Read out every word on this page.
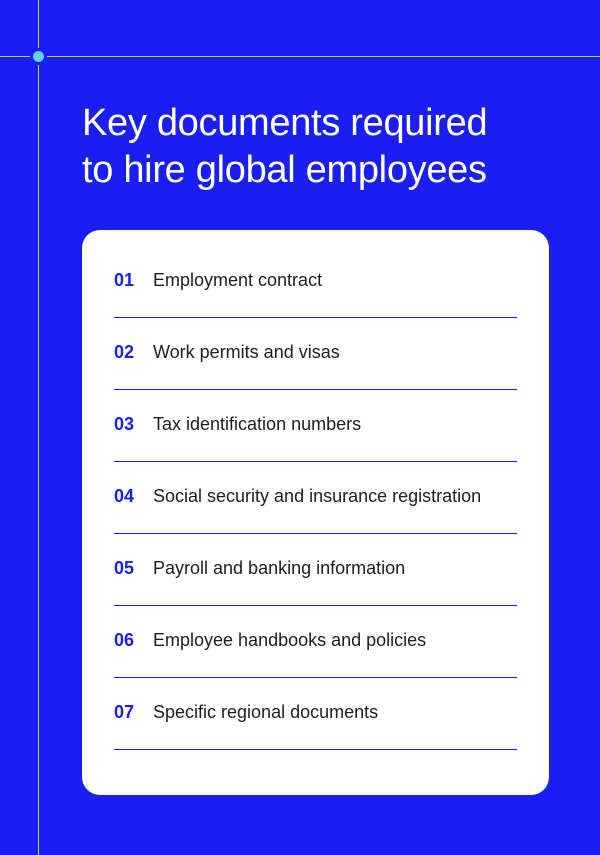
Key documents required
to hire global employees
01	Employment contract
02	Work permits and visas
03	Tax identification numbers
04	Social security and insurance registration
05	Payroll and banking information
06	Employee handbooks and policies
07	Specific regional documents
